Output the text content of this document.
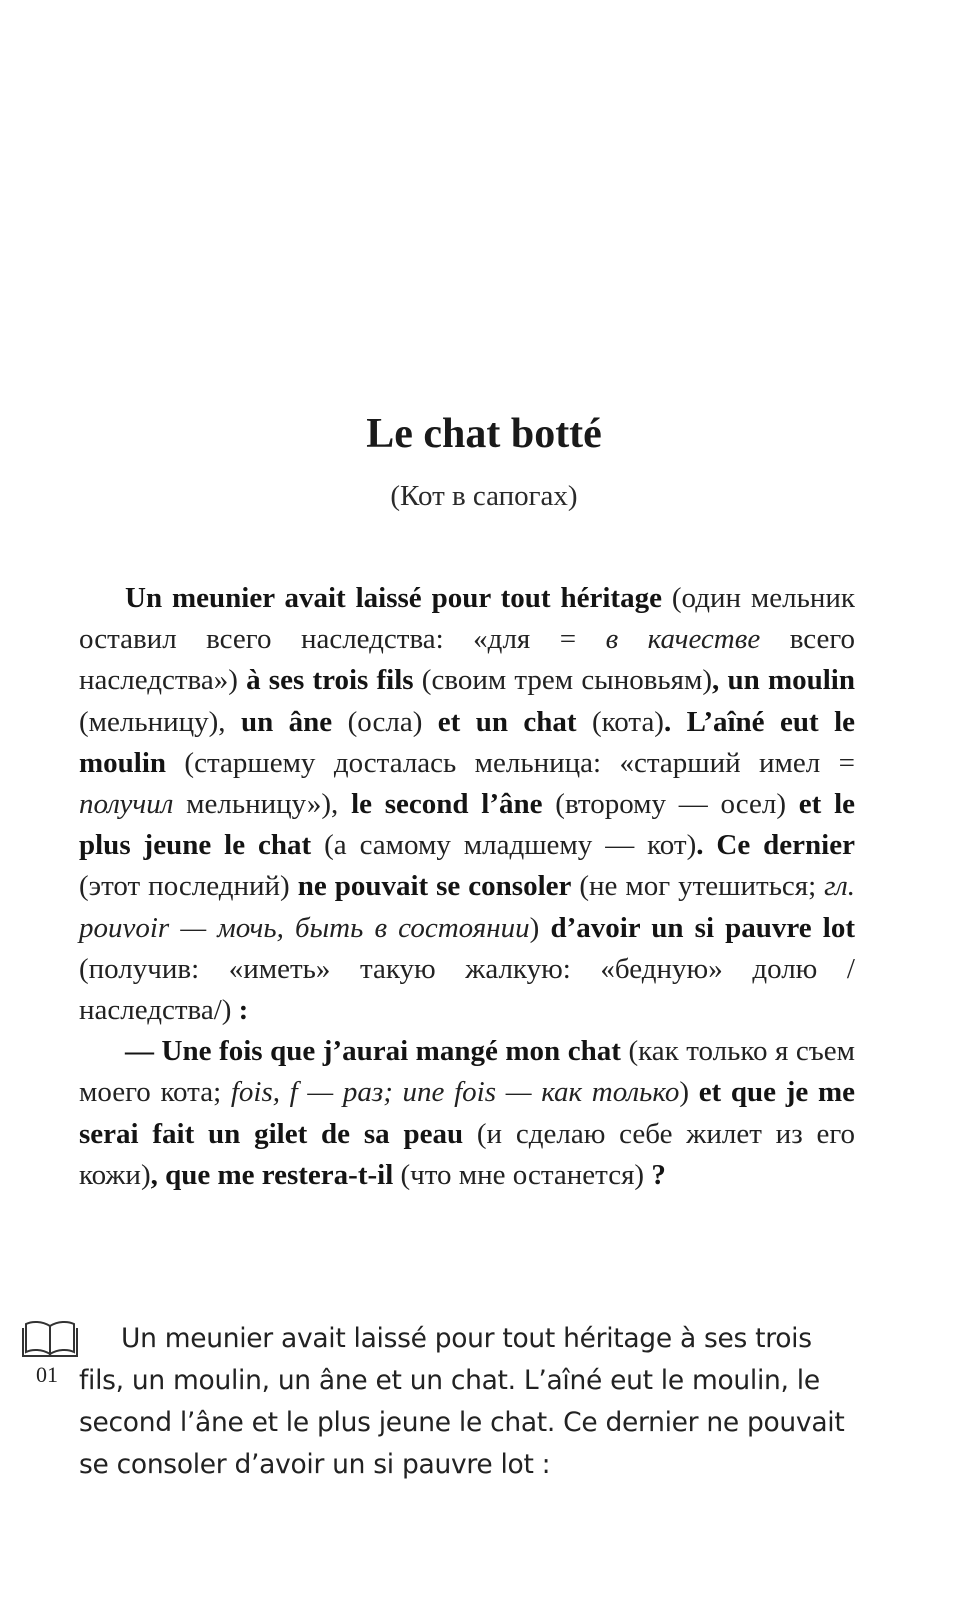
Le chat botté
(Кот в сапогах)

Un meunier avait laissé pour tout héritage (один мельник оставил всего наследства: «для = в качестве всего наследства») à ses trois fils (своим трем сыновьям), un moulin (мельницу), un âne (осла) et un chat (кота). L’aîné eut le moulin (старшему досталась мельница: «старший имел = получил мельницу»), le second l’âne (второму — осел) et le plus jeune le chat (а самому младшему — кот). Ce dernier (этот последний) ne pouvait se consoler (не мог утешиться; гл. pouvoir — мочь, быть в состоянии) d’avoir un si pauvre lot (получив: «иметь» такую жалкую: «бедную» долю /наследства/) :

— Une fois que j’aurai mangé mon chat (как только я съем моего кота; fois, f — раз; une fois — как только) et que je me serai fait un gilet de sa peau (и сделаю себе жилет из его кожи), que me restera-t-il (что мне останется) ?

01

Un meunier avait laissé pour tout héritage à ses trois fils, un moulin, un âne et un chat. L’aîné eut le moulin, le second l’âne et le plus jeune le chat. Ce dernier ne pouvait se consoler d’avoir un si pauvre lot :
